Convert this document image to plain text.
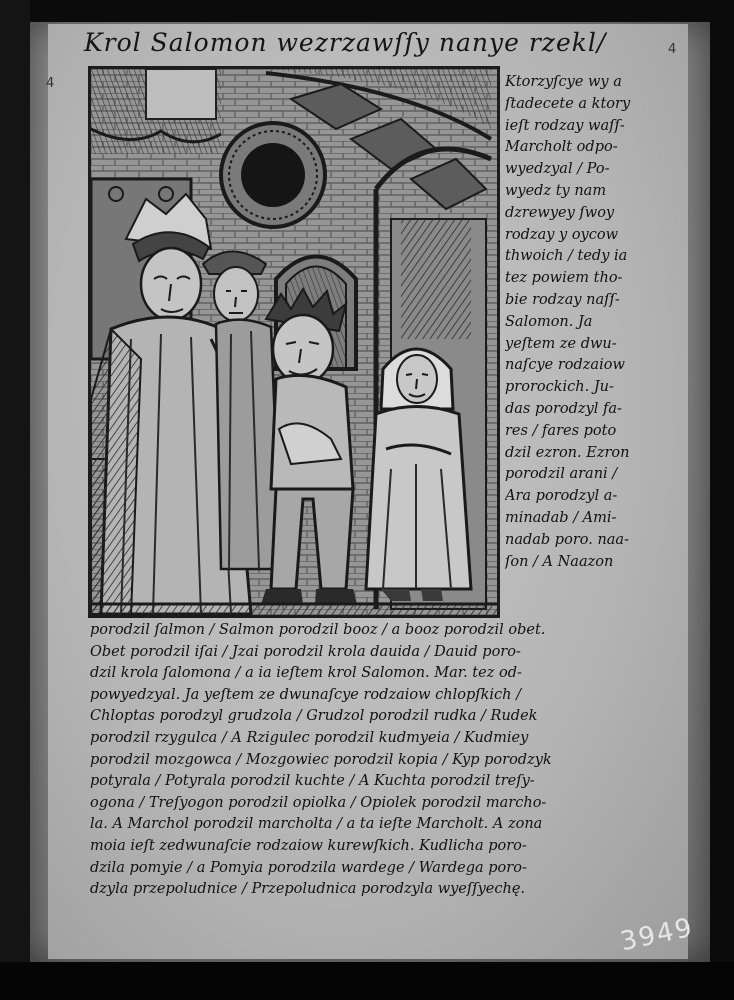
4
4
Krol Salomon wezrzawſſy nanye rzekl/
Ktorzyſcye wy a
ſtadecete a ktory
ieſt rodzay waſſ-
Marcholt odpo-
wyedzyal / Po-
wyedz ty nam
dzrewyey ſwoy
rodzay y oycow
thwoich / tedy ia
tez powiem tho-
bie rodzay naſſ-
Salomon. Ja
yeſtem ze dwu-
naſcye rodzaiow
prorockich. Ju-
das porodzyl fa-
res / fares poto
dzil ezron. Ezron
porodzil arani /
Ara porodzyl a-
minadab / Ami-
nadab poro. naa-
ſon / A Naazon
porodzil ſalmon / Salmon porodzil booz / a booz porodzil obet.
Obet porodzil iſai / Jzai porodzil krola dauida / Dauid poro-
dzil krola ſalomona / a ia ieſtem krol Salomon. Mar. tez od-
powyedzyal. Ja yeſtem ze dwunaſcye rodzaiow chlopſkich /
Chloptas porodzyl grudzola / Grudzol porodzil rudka / Rudek
porodzil rzygulca / A Rzigulec porodzil kudmyeia / Kudmiey
porodzil mozgowca / Mozgowiec porodzil kopia / Kyp porodzyk
potyrala / Potyrala porodzil kuchte / A Kuchta porodzil treſy-
ogona / Treſyogon porodzil opiolka / Opiolek porodzil marcho-
la. A Marchol porodzil marcholta / a ta ieſte Marcholt. A zona
moia ieſt zedwunaſcie rodzaiow kurewſkich. Kudlicha poro-
dzila pomyie / a Pomyia porodzila wardege / Wardega poro-
dzyla przepoludnice / Przepoludnica porodzyla wyeſſyechę.
3949
